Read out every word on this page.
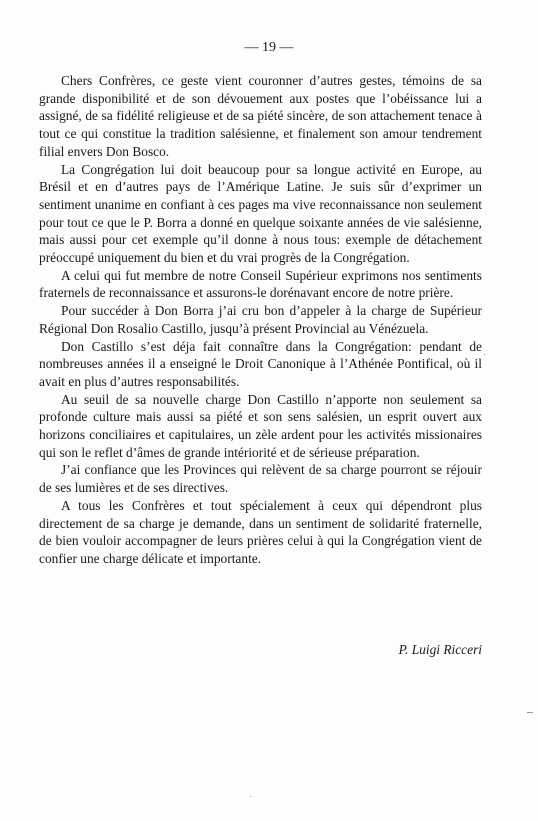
— 19 —

Chers Confrères, ce geste vient couronner d’autres gestes, témoins de sa grande disponibilité et de son dévouement aux postes que l’obéissance lui a assigné, de sa fidélité religieuse et de sa piété sincère, de son attachement tenace à tout ce qui constitue la tradition salésienne, et finalement son amour tendrement filial envers Don Bosco.

La Congrégation lui doit beaucoup pour sa longue activité en Europe, au Brésil et en d’autres pays de l’Amérique Latine. Je suis sûr d’exprimer un sentiment unanime en confiant à ces pages ma vive reconnaissance non seulement pour tout ce que le P. Borra a donné en quelque soixante années de vie salésienne, mais aussi pour cet exemple qu’il donne à nous tous: exemple de détachement préoccupé uniquement du bien et du vrai progrès de la Congrégation.

A celui qui fut membre de notre Conseil Supérieur exprimons nos sentiments fraternels de reconnaissance et assurons-le dorénavant encore de notre prière.

Pour succéder à Don Borra j’ai cru bon d’appeler à la charge de Supérieur Régional Don Rosalio Castillo, jusqu’à présent Provincial au Vénézuela.

Don Castillo s’est déja fait connaître dans la Congrégation: pendant de nombreuses années il a enseigné le Droit Canonique à l’Athénée Pontifical, où il avait en plus d’autres responsabilités.

Au seuil de sa nouvelle charge Don Castillo n’apporte non seulement sa profonde culture mais aussi sa piété et son sens salésien, un esprit ouvert aux horizons conciliaires et capitulaires, un zèle ardent pour les activités missionaires qui son le reflet d’âmes de grande intériorité et de sérieuse préparation.

J’ai confiance que les Provinces qui relèvent de sa charge pourront se réjouir de ses lumières et de ses directives.

A tous les Confrères et tout spécialement à ceux qui dépendront plus directement de sa charge je demande, dans un sentiment de solidarité fraternelle, de bien vouloir accompagner de leurs prières celui à qui la Congrégation vient de confier une charge délicate et importante.

P. Luigi Ricceri
